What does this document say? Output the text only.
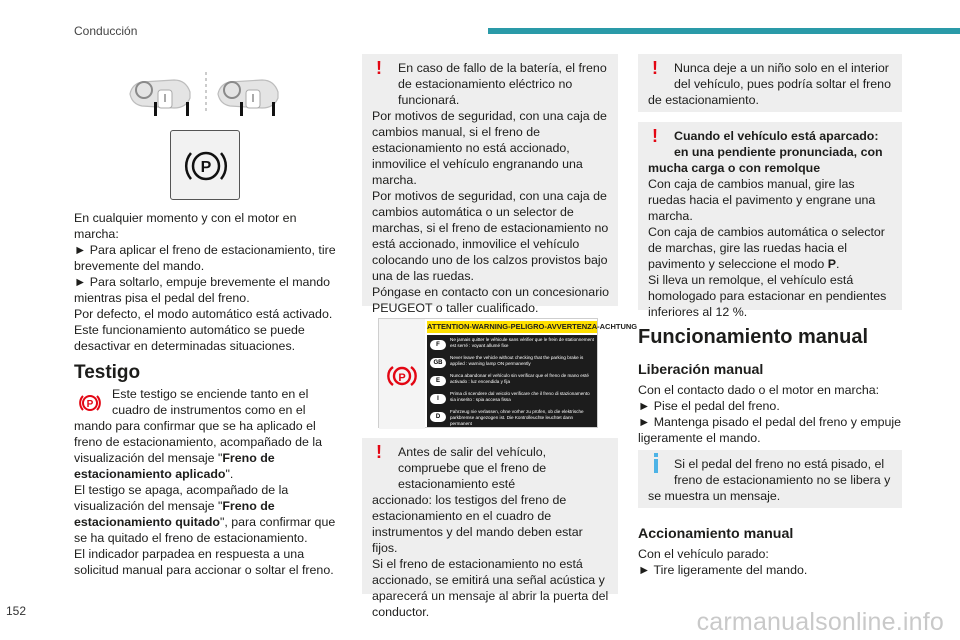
Conducción
P
En cualquier momento y con el motor en marcha:
► Para aplicar el freno de estacionamiento, tire brevemente del mando.
► Para soltarlo, empuje brevemente el mando mientras pisa el pedal del freno.
Por defecto, el modo automático está activado.
Este funcionamiento automático se puede desactivar en determinadas situaciones.
Testigo
P
Este testigo se enciende tanto en el
cuadro de instrumentos como en el
mando para confirmar que se ha aplicado el freno de estacionamiento, acompañado de la visualización del mensaje "Freno de estacionamiento aplicado".
El testigo se apaga, acompañado de la visualización del mensaje "Freno de estacionamiento quitado", para confirmar que se ha quitado el freno de estacionamiento.
El indicador parpadea en respuesta a una solicitud manual para accionar o soltar el freno.
!	En caso de fallo de la batería, el freno de estacionamiento eléctrico no funcionará.
Por motivos de seguridad, con una caja de cambios manual, si el freno de estacionamiento no está accionado, inmovilice el vehículo engranando una marcha.
Por motivos de seguridad, con una caja de cambios automática o un selector de marchas, si el freno de estacionamiento no está accionado, inmovilice el vehículo colocando uno de los calzos provistos bajo una de las ruedas.
Póngase en contacto con un concesionario PEUGEOT o taller cualificado.
P
ATTENTION-WARNING-PELIGRO-AVVERTENZA-ACHTUNG
F
Ne jamais quitter le véhicule sans vérifier que le frein de stationnement est serré : voyant allumé fixe
GB
Never leave the vehicle without checking that the parking brake is applied : warning lamp ON permanently
E
Nunca abandonar el vehículo sin verificar que el freno de mano esté activado : luz encendida y fija
I
Prima di scendere dal veicolo verificare che il freno di stazionamento sia inserito : spia accesa fissa
D
Fahrzeug nie verlassen, ohne vorher zu prüfen, ob die elektrische parkbremse angezogen ist. Die Kontrolleuchte leuchtet dann permanent
!	Antes de salir del vehículo, compruebe que el freno de estacionamiento esté
accionado: los testigos del freno de estacionamiento en el cuadro de instrumentos y del mando deben estar fijos.
Si el freno de estacionamiento no está accionado, se emitirá una señal acústica y aparecerá un mensaje al abrir la puerta del conductor.
!	Nunca deje a un niño solo en el interior del vehículo, pues podría soltar el freno
de estacionamiento.
!	Cuando el vehículo está aparcado: en una pendiente pronunciada, con
mucha carga o con remolque
Con caja de cambios manual, gire las ruedas hacia el pavimento y engrane una marcha.
Con caja de cambios automática o selector de marchas, gire las ruedas hacia el pavimento y seleccione el modo P.
Si lleva un remolque, el vehículo está homologado para estacionar en pendientes inferiores al 12 %.
Funcionamiento manual
Liberación manual
Con el contacto dado o el motor en marcha:
► Pise el pedal del freno.
► Mantenga pisado el pedal del freno y empuje ligeramente el mando.
Si el pedal del freno no está pisado, el freno de estacionamiento no se libera y
se muestra un mensaje.
Accionamiento manual
Con el vehículo parado:
► Tire ligeramente del mando.
152	carmanualsonline.info
